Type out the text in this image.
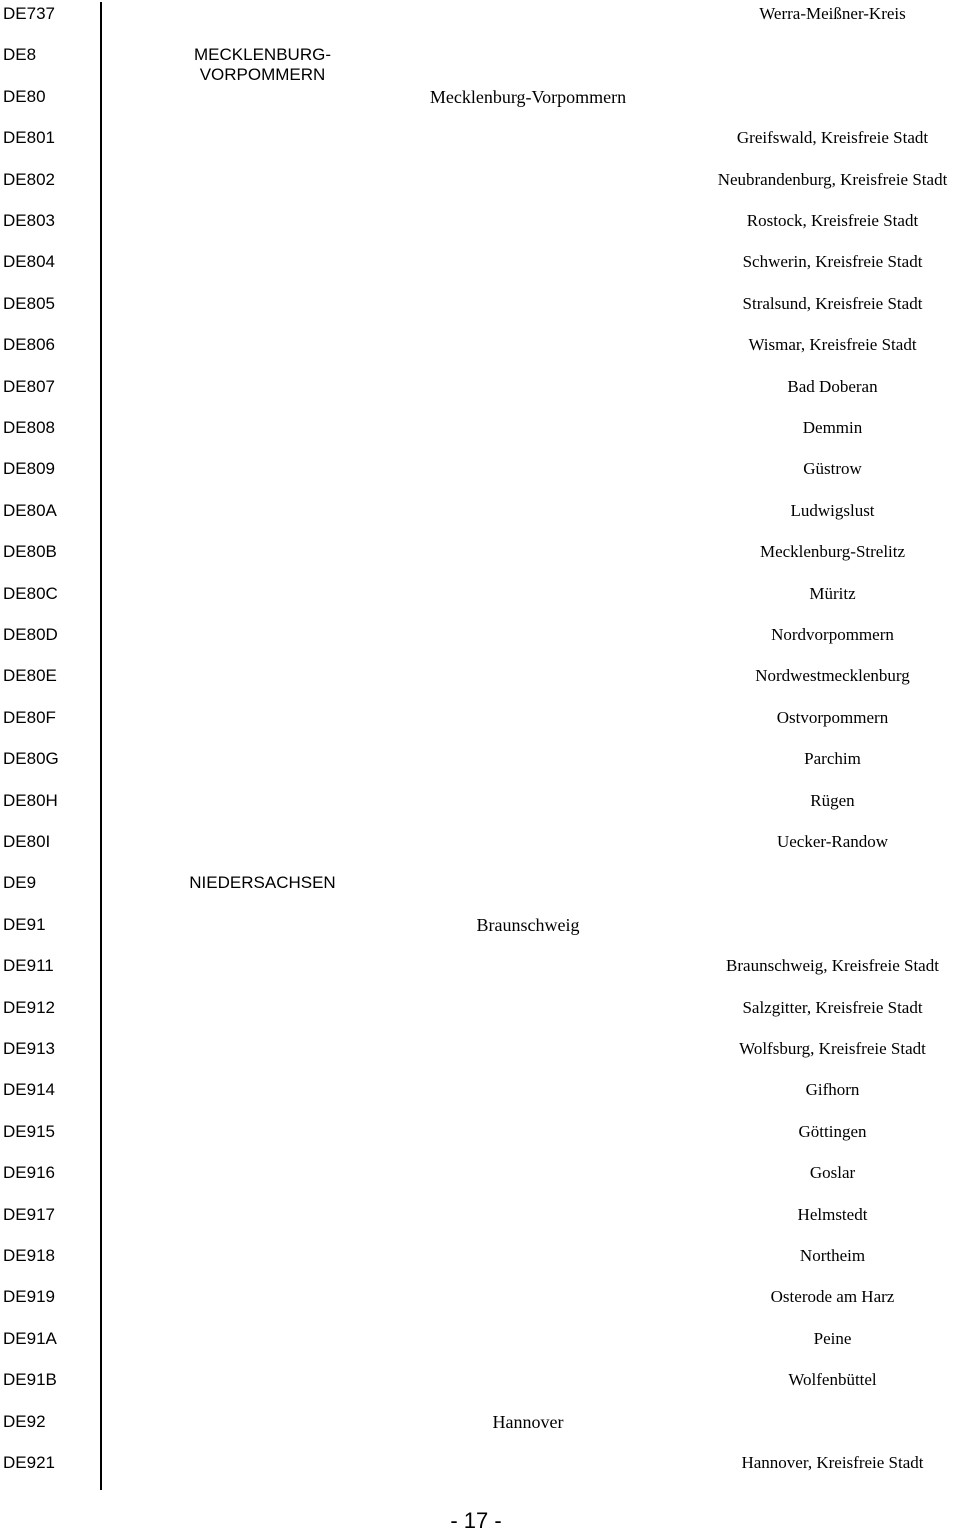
DE737	Werra-Meißner-Kreis
DE8	MECKLENBURG-VORPOMMERN
DE80	Mecklenburg-Vorpommern
DE801	Greifswald, Kreisfreie Stadt
DE802	Neubrandenburg, Kreisfreie Stadt
DE803	Rostock, Kreisfreie Stadt
DE804	Schwerin, Kreisfreie Stadt
DE805	Stralsund, Kreisfreie Stadt
DE806	Wismar, Kreisfreie Stadt
DE807	Bad Doberan
DE808	Demmin
DE809	Güstrow
DE80A	Ludwigslust
DE80B	Mecklenburg-Strelitz
DE80C	Müritz
DE80D	Nordvorpommern
DE80E	Nordwestmecklenburg
DE80F	Ostvorpommern
DE80G	Parchim
DE80H	Rügen
DE80I	Uecker-Randow
DE9	NIEDERSACHSEN
DE91	Braunschweig
DE911	Braunschweig, Kreisfreie Stadt
DE912	Salzgitter, Kreisfreie Stadt
DE913	Wolfsburg, Kreisfreie Stadt
DE914	Gifhorn
DE915	Göttingen
DE916	Goslar
DE917	Helmstedt
DE918	Northeim
DE919	Osterode am Harz
DE91A	Peine
DE91B	Wolfenbüttel
DE92	Hannover
DE921	Hannover, Kreisfreie Stadt
- 17 -
